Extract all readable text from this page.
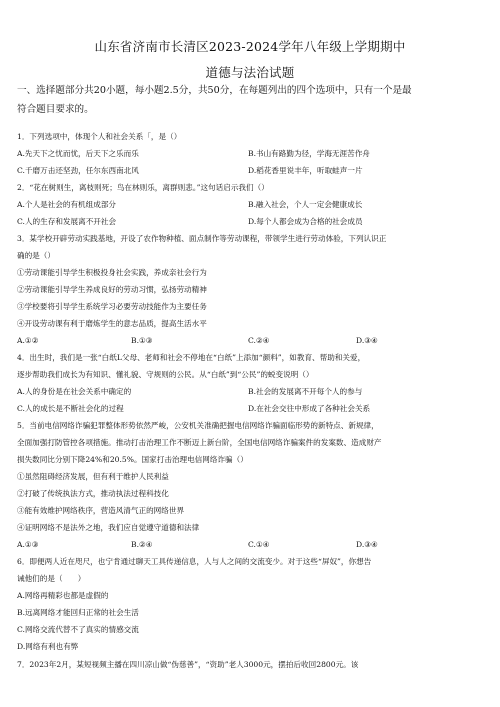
山东省济南市长清区2023-2024学年八年级上学期期中
道德与法治试题
一、选择题部分共20小题，每小题2.5分，共50分，在每题列出的四个选项中，只有一个是最
符合题目要求的。
1．下列选项中，体现个人和社会关系「，是（）
A.先天下之忧而忧，后天下之乐而乐	B.书山有路勤为径，学海无涯苦作舟
C.千磨万击还坚劲，任尔东西南北风	D.稻花香里说丰年，听取蛙声一片
2．“花在树则生，离枝则死；鸟在林则乐，离群则悲。”这句话启示我们（）
A.个人是社会的有机组成部分	B.融入社会，个人一定会健康成长
C.人的生存和发展离不开社会	D.每个人都会成为合格的社会成员
3．某学校开辟劳动实践基地，开设了农作物种植、面点制作等劳动课程，带领学生进行劳动体验，下列认识正
确的是（）
①劳动课能引导学生积极投身社会实践，养成亲社会行为
②劳动课能引导学生养成良好的劳动习惯，弘扬劳动精神
③学校要将引导学生系统学习必要劳动技能作为主要任务
④开设劳动课有利于磨炼学生的意志品质，提高生活水平
A.①②	B.①③	C.②④	D.③④
4．出生时，我们是一张“白纸L父母、老师和社会不停地在“白纸”上添加“颜料”，如教育、帮助和关爱，
逐步帮助我们成长为有知识、懂礼貌、守规则的公民。从“白纸”到“公民”的蜕变说明（）
A.人的身份是在社会关系中确定的	B.社会的发展离不开每个人的参与
C.人的成长是不断社会化的过程	D.在社会交往中形成了各种社会关系
5．当前电信网络诈骗犯罪整体形势依然严峻，公安机关准确把握电信网络诈骗面临形势的新特点、新规律，
全面加强打防管控各项措施。推动打击治理工作不断迈上新台阶，全国电信网络诈骗案件的发案数、造成财产
损失数同比分别下降24%和20.5%。国家打击治理电信网络诈骗（）
①虽然阻碍经济发展，但有利于维护人民利益
②打破了传统执法方式，推动执法过程科技化
③能有效维护网络秩序，营造风清气正的网络世界
④证明网络不是法外之地，我们应自觉遵守道德和法律
A.①③	B.②④	C.①④	D.③④
6．即便两人近在咫尺，也宁肯通过聊天工具传递信息，人与人之间的交流变少。对于这些“屏奴”，你想告
诫他们的是（　　）
A.网络再精彩也都是虚假的
B.远离网络才能回归正常的社会生活
C.网络交流代替不了真实的情感交流
D.网络有利也有弊
7．2023年2月，某短视频主播在四川凉山做“伪慈善”，“资助”老人3000元，摆拍后收回2800元。该
